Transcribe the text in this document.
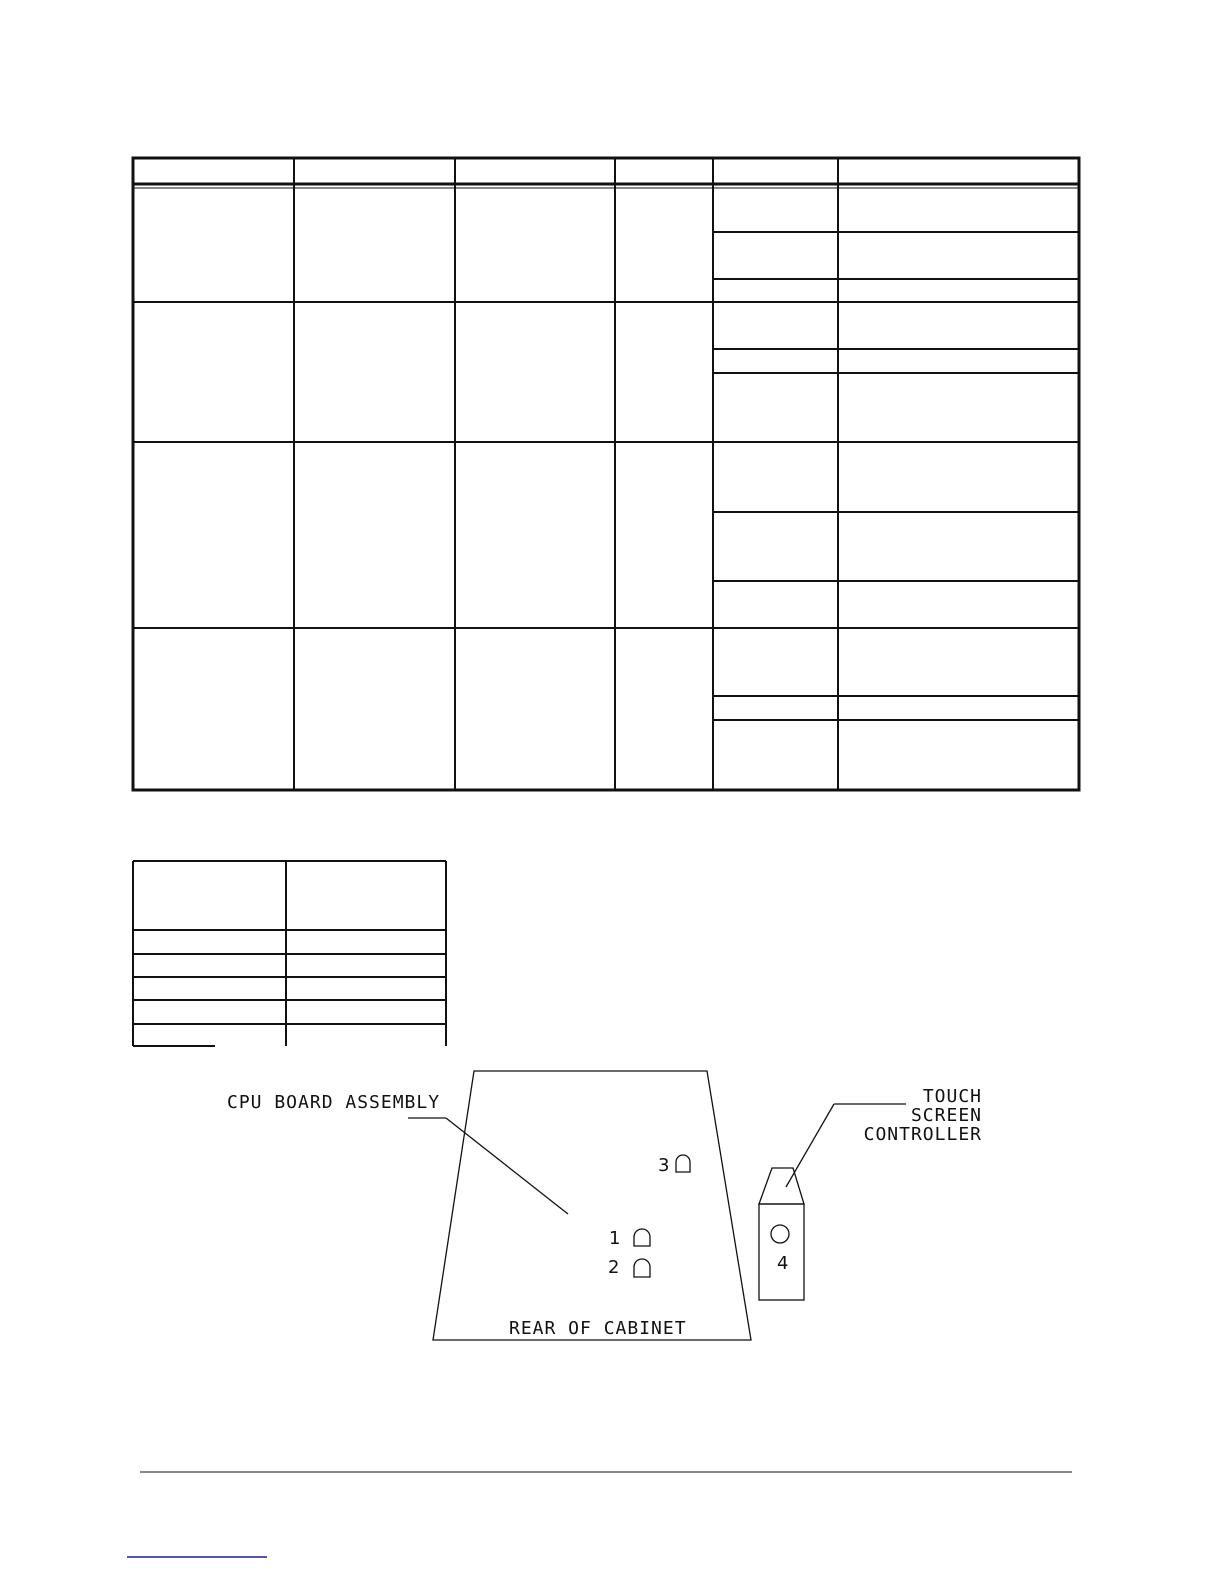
CPU BOARD ASSEMBLY	TOUCH
SCREEN
CONTROLLER
REAR OF CABINET
1
2
3
4
